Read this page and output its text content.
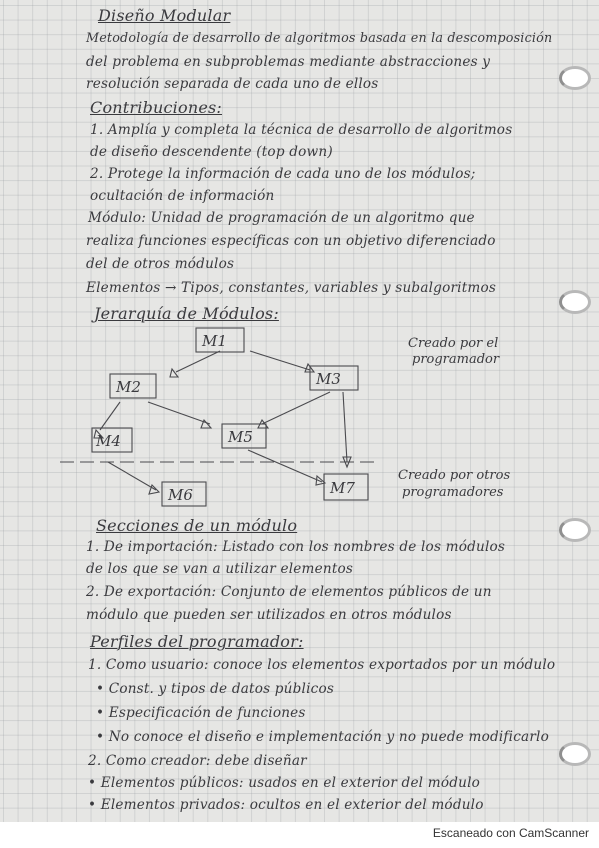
Diseño Modular
Metodología de desarrollo de algoritmos basada en la descomposición
del problema en subproblemas mediante abstracciones y
resolución separada de cada uno de ellos
Contribuciones:
1. Amplía y completa la técnica de desarrollo de algoritmos
de diseño descendente (top down)
2. Protege la información de cada uno de los módulos;
ocultación de información
Módulo: Unidad de programación de un algoritmo que
realiza funciones específicas con un objetivo diferenciado
del de otros módulos
Elementos → Tipos, constantes, variables y subalgoritmos
Jerarquía de Módulos:
M1
M2	M3
M4	M5
M6	M7
Creado por el
programador
Creado por otros
programadores
Secciones de un módulo
1. De importación: Listado con los nombres de los módulos
de los que se van a utilizar elementos
2. De exportación: Conjunto de elementos públicos de un
módulo que pueden ser utilizados en otros módulos
Perfiles del programador:
1. Como usuario: conoce los elementos exportados por un módulo
• Const. y tipos de datos públicos
• Especificación de funciones
• No conoce el diseño e implementación y no puede modificarlo
2. Como creador: debe diseñar
• Elementos públicos: usados en el exterior del módulo
• Elementos privados: ocultos en el exterior del módulo
Escaneado con CamScanner
